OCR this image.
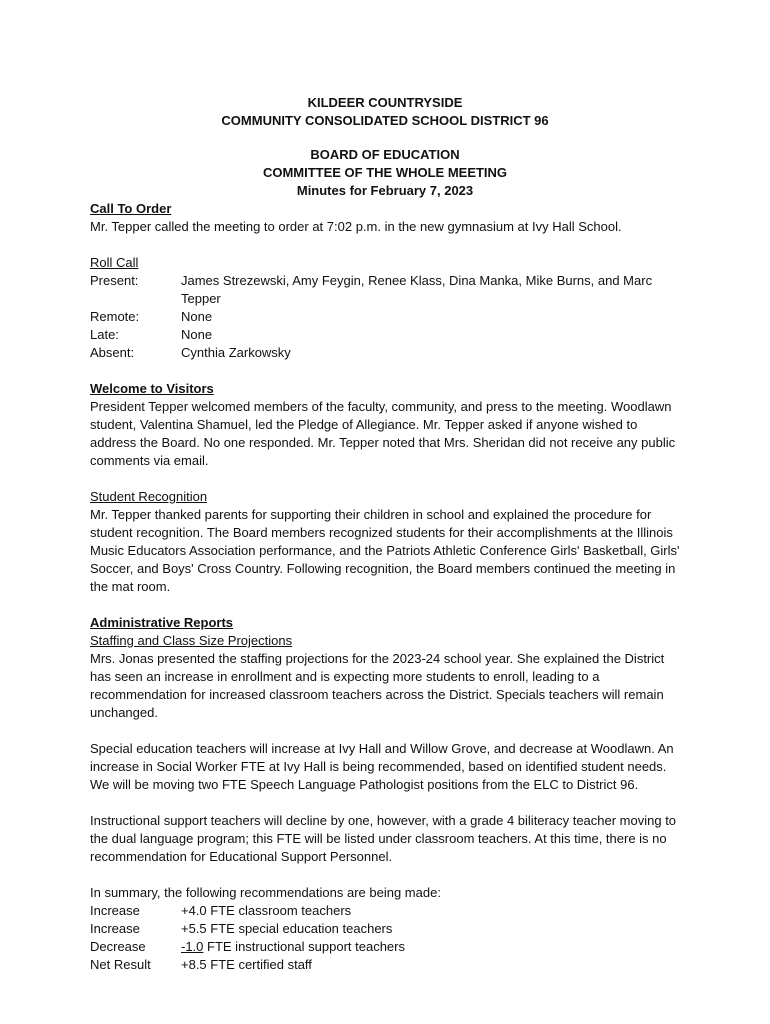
KILDEER COUNTRYSIDE

COMMUNITY CONSOLIDATED SCHOOL DISTRICT 96

BOARD OF EDUCATION

COMMITTEE OF THE WHOLE MEETING

Minutes for February 7, 2023

Call To Order

Mr. Tepper called the meeting to order at 7:02 p.m. in the new gymnasium at Ivy Hall School.

Roll Call

Present:	James Strezewski, Amy Feygin, Renee Klass, Dina Manka, Mike Burns, and Marc Tepper
Remote:	None
Late:	None
Absent:	Cynthia Zarkowsky

Welcome to Visitors

President Tepper welcomed members of the faculty, community, and press to the meeting. Woodlawn student, Valentina Shamuel, led the Pledge of Allegiance. Mr. Tepper asked if anyone wished to address the Board. No one responded. Mr. Tepper noted that Mrs. Sheridan did not receive any public comments via email.

Student Recognition

Mr. Tepper thanked parents for supporting their children in school and explained the procedure for student recognition. The Board members recognized students for their accomplishments at the Illinois Music Educators Association performance, and the Patriots Athletic Conference Girls' Basketball, Girls' Soccer, and Boys' Cross Country. Following recognition, the Board members continued the meeting in the mat room.

Administrative Reports

Staffing and Class Size Projections

Mrs. Jonas presented the staffing projections for the 2023-24 school year. She explained the District has seen an increase in enrollment and is expecting more students to enroll, leading to a recommendation for increased classroom teachers across the District. Specials teachers will remain unchanged.

Special education teachers will increase at Ivy Hall and Willow Grove, and decrease at Woodlawn. An increase in Social Worker FTE at Ivy Hall is being recommended, based on identified student needs. We will be moving two FTE Speech Language Pathologist positions from the ELC to District 96.

Instructional support teachers will decline by one, however, with a grade 4 biliteracy teacher moving to the dual language program; this FTE will be listed under classroom teachers. At this time, there is no recommendation for Educational Support Personnel.

In summary, the following recommendations are being made:

Increase	+4.0 FTE classroom teachers
Increase	+5.5 FTE special education teachers
Decrease	-1.0 FTE instructional support teachers
Net Result	+8.5 FTE certified staff
